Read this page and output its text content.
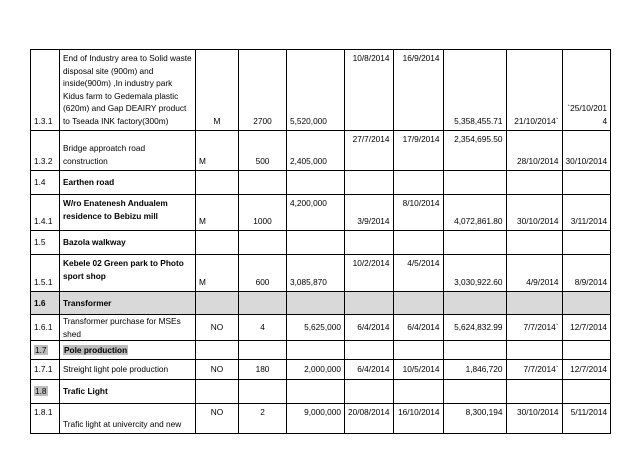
1.3.1	End of Industry area to Solid waste disposal site (900m) and inside(900m) ,In industry park Kidus farm to Gedemala plastic (620m) and Gap DEAIRY product to Tseada INK factory(300m)	M	2700	5,520,000	10/8/2014	16/9/2014	5,358,455.71	21/10/2014`	`25/10/2014
1.3.2	Bridge approatch road construction	M	500	2,405,000	27/7/2014	17/9/2014	2,354,695.50	28/10/2014	30/10/2014
1.4	Earthen road								
1.4.1	W/ro Enatenesh Andualem residence to Bebizu mill	M	1000	4,200,000	3/9/2014	8/10/2014	4,072,861.80	30/10/2014	3/11/2014
1.5	Bazola walkway								
1.5.1	Kebele 02 Green park to Photo sport shop	M	600	3,085,870	10/2/2014	4/5/2014	3,030,922.60	4/9/2014	8/9/2014
1.6	Transformer								
1.6.1	Transformer purchase for MSEs shed	NO	4	5,625,000	6/4/2014	6/4/2014	5,624,832.99	7/7/2014`	12/7/2014
1.7	Pole production								
1.7.1	Streight light pole production	NO	180	2,000,000	6/4/2014	10/5/2014	1,846,720	7/7/2014`	12/7/2014
1.8	Trafic Light								
1.8.1	Trafic light at univercity and new	NO	2	9,000,000	20/08/2014	16/10/2014	8,300,194	30/10/2014	5/11/2014
